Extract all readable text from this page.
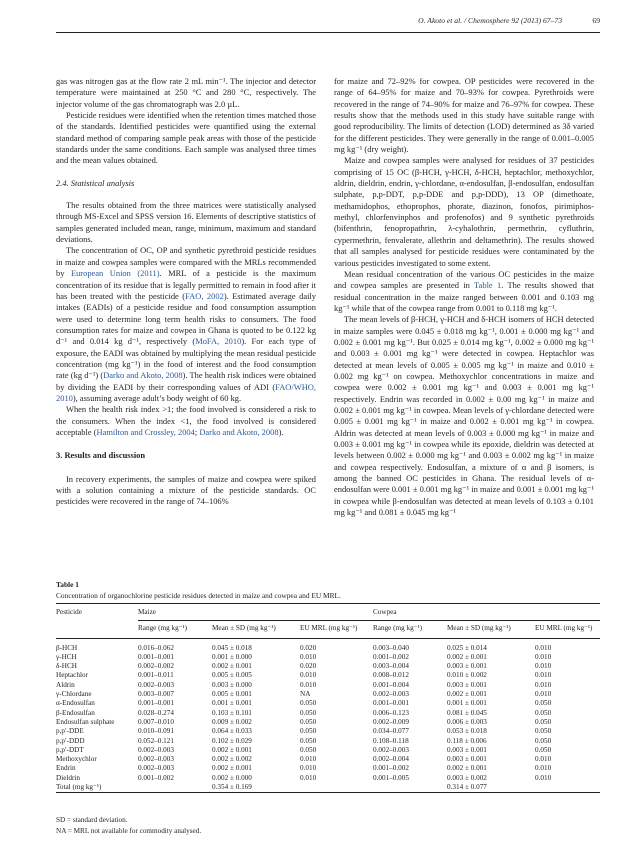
O. Akoto et al. / Chemosphere 92 (2013) 67–73	69

gas was nitrogen gas at the flow rate 2 mL min⁻¹. The injector and detector temperature were maintained at 250 °C and 280 °C, respectively. The injector volume of the gas chromatograph was 2.0 µL.

Pesticide residues were identified when the retention times matched those of the standards. Identified pesticides were quantified using the external standard method of comparing sample peak areas with those of the pesticide standards under the same conditions. Each sample was analysed three times and the mean values obtained.

2.4. Statistical analysis

The results obtained from the three matrices were statistically analysed through MS-Excel and SPSS version 16. Elements of descriptive statistics of samples generated included mean, range, minimum, maximum and standard deviations.

The concentration of OC, OP and synthetic pyrethroid pesticide residues in maize and cowpea samples were compared with the MRLs recommended by European Union (2011). MRL of a pesticide is the maximum concentration of its residue that is legally permitted to remain in food after it has been treated with the pesticide (FAO, 2002). Estimated average daily intakes (EADIs) of a pesticide residue and food consumption assumption were used to determine long term health risks to consumers. The food consumption rates for maize and cowpea in Ghana is quoted to be 0.122 kg d⁻¹ and 0.014 kg d⁻¹, respectively (MoFA, 2010). For each type of exposure, the EADI was obtained by multiplying the mean residual pesticide concentration (mg kg⁻¹) in the food of interest and the food consumption rate (kg d⁻¹) (Darko and Akoto, 2008). The health risk indices were obtained by dividing the EADI by their corresponding values of ADI (FAO/WHO, 2010), assuming average adult’s body weight of 60 kg.

When the health risk index >1; the food involved is considered a risk to the consumers. When the index <1, the food involved is considered acceptable (Hamilton and Crossley, 2004; Darko and Akoto, 2008).

3. Results and discussion

In recovery experiments, the samples of maize and cowpea were spiked with a solution containing a mixture of the pesticide standards. OC pesticides were recovered in the range of 74–106%

for maize and 72–92% for cowpea. OP pesticides were recovered in the range of 64–95% for maize and 70–93% for cowpea. Pyrethroids were recovered in the range of 74–90% for maize and 76–97% for cowpea. These results show that the methods used in this study have suitable range with good reproducibility. The limits of detection (LOD) determined as 3δ varied for the different pesticides. They were generally in the range of 0.001–0.005 mg kg⁻¹ (dry weight).

Maize and cowpea samples were analysed for residues of 37 pesticides comprising of 15 OC (β-HCH, γ-HCH, δ-HCH, heptachlor, methoxychlor, aldrin, dieldrin, endrin, γ-chlordane, α-endosulfan, β-endosulfan, endosulfan sulphate, p,p-DDT, p,p-DDE and p,p-DDD), 13 OP (dimethoate, methamidophos, ethoprophos, phorate, diazinon, fonofos, pirimiphos-methyl, chlorfenvinphos and profenofos) and 9 synthetic pyrethroids (bifenthrin, fenopropathrin, λ-cyhalothrin, permethrin, cyfluthrin, cypermethrin, fenvalerate, allethrin and deltamethrin). The results showed that all samples analysed for pesticide residues were contaminated by the various pesticides investigated to some extent.

Mean residual concentration of the various OC pesticides in the maize and cowpea samples are presented in Table 1. The results showed that residual concentration in the maize ranged between 0.001 and 0.103 mg kg⁻¹ while that of the cowpea range from 0.001 to 0.118 mg kg⁻¹.

The mean levels of β-HCH, γ-HCH and δ-HCH isomers of HCH detected in maize samples were 0.045 ± 0.018 mg kg⁻¹, 0.001 ± 0.000 mg kg⁻¹ and 0.002 ± 0.001 mg kg⁻¹. But 0.025 ± 0.014 mg kg⁻¹, 0.002 ± 0.000 mg kg⁻¹ and 0.003 ± 0.001 mg kg⁻¹ were detected in cowpea. Heptachlor was detected at mean levels of 0.005 ± 0.005 mg kg⁻¹ in maize and 0.010 ± 0.002 mg kg⁻¹ on cowpea. Methoxychlor concentrations in maize and cowpea were 0.002 ± 0.001 mg kg⁻¹ and 0.003 ± 0.001 mg kg⁻¹ respectively. Endrin was recorded in 0.002 ± 0.00 mg kg⁻¹ in maize and 0.002 ± 0.001 mg kg⁻¹ in cowpea. Mean levels of γ-chlordane detected were 0.005 ± 0.001 mg kg⁻¹ in maize and 0.002 ± 0.001 mg kg⁻¹ in cowpea. Aldrin was detected at mean levels of 0.003 ± 0.000 mg kg⁻¹ in maize and 0.003 ± 0.001 mg kg⁻¹ in cowpea while its epoxide, dieldrin was detected at levels between 0.002 ± 0.000 mg kg⁻¹ and 0.003 ± 0.002 mg kg⁻¹ in maize and cowpea respectively. Endosulfan, a mixture of α and β isomers, is among the banned OC pesticides in Ghana. The residual levels of α-endosulfan were 0.001 ± 0.001 mg kg⁻¹ in maize and 0.001 ± 0.001 mg kg⁻¹ in cowpea while β-endosulfan was detected at mean levels of 0.103 ± 0.101 mg kg⁻¹ and 0.081 ± 0.045 mg kg⁻¹

Table 1
Concentration of organochlorine pesticide residues detected in maize and cowpea and EU MRL.
Pesticide	Maize			Cowpea		
	Range (mg kg⁻¹)	Mean ± SD (mg kg⁻¹)	EU MRL (mg kg⁻¹)	Range (mg kg⁻¹)	Mean ± SD (mg kg⁻¹)	EU MRL (mg kg⁻¹)

β-HCH	0.016–0.062	0.045 ± 0.018	0.020	0.003–0.040	0.025 ± 0.014	0.010
γ-HCH	0.001–0.001	0.001 ± 0.000	0.010	0.001–0.002	0.002 ± 0.001	0.010
δ-HCH	0.002–0.002	0.002 ± 0.001	0.020	0.003–0.004	0.003 ± 0.001	0.010
Heptachlor	0.001–0.011	0.005 ± 0.005	0.010	0.008–0.012	0.010 ± 0.002	0.010
Aldrin	0.002–0.003	0.003 ± 0.000	0.010	0.001–0.004	0.003 ± 0.001	0.010
γ-Chlordane	0.003–0.007	0.005 ± 0.001	NA	0.002–0.003	0.002 ± 0.001	0.010
α-Endosulfan	0.001–0.001	0.001 ± 0.001	0.050	0.001–0.001	0.001 ± 0.001	0.050
β-Endosulfan	0.028–0.274	0.103 ± 0.101	0.050	0.006–0.123	0.081 ± 0.045	0.050
Endosulfan sulphate	0.007–0.010	0.009 ± 0.002	0.050	0.002–0.009	0.006 ± 0.003	0.050
p,p′-DDE	0.010–0.091	0.064 ± 0.033	0.050	0.034–0.077	0.053 ± 0.018	0.050
p,p′-DDD	0.052–0.121	0.102 ± 0.029	0.050	0.108–0.118	0.118 ± 0.006	0.050
p,p′-DDT	0.002–0.003	0.002 ± 0.001	0.050	0.002–0.003	0.003 ± 0.001	0.050
Methoxychlor	0.002–0.003	0.002 ± 0.002	0.010	0.002–0.004	0.003 ± 0.001	0.010
Endrin	0.002–0.003	0.002 ± 0.001	0.010	0.001–0.002	0.002 ± 0.001	0.010
Dieldrin	0.001–0.002	0.002 ± 0.000	0.010	0.001–0.005	0.003 ± 0.002	0.010
Total (mg kg⁻¹)		0.354 ± 0.169			0.314 ± 0.077	
SD = standard deviation.
NA = MRL not available for commodity analysed.
